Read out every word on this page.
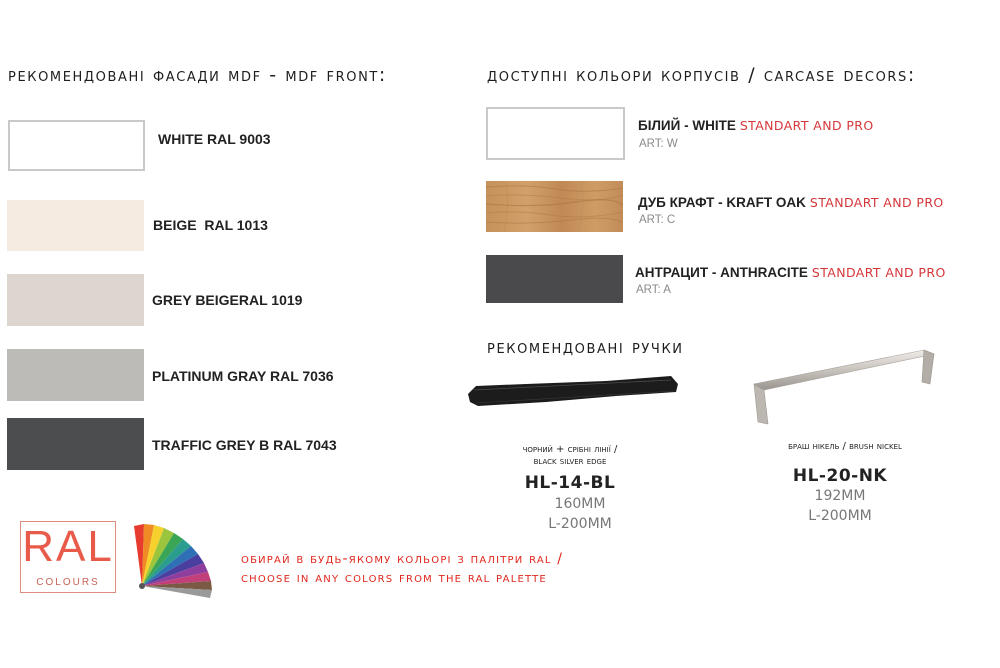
рекомендовані фасади mdf - mdf front:
WHITE RAL 9003
BEIGE  RAL 1013
GREY BEIGERAL 1019
PLATINUM GRAY RAL 7036
TRAFFIC GREY B RAL 7043
доступні кольори корпусів / carcase decors:
БІЛИЙ - WHITE STANDART AND PRO
ART: W
ДУБ КРАФТ - KRAFT OAK STANDART AND PRO
ART: C
АНТРАЦИТ - ANTHRACITE STANDART AND PRO
ART: A
рекомендовані ручки
чорний + срібні лінії /
black silver edge
HL-14-BL
160MM
L-200MM
браш нікель / brush nickel
HL-20-NK
192MM
L-200MM
RAL
COLOURS
обирай в будь-якому кольорі з палітри ral /
choose in any colors from the ral palette
